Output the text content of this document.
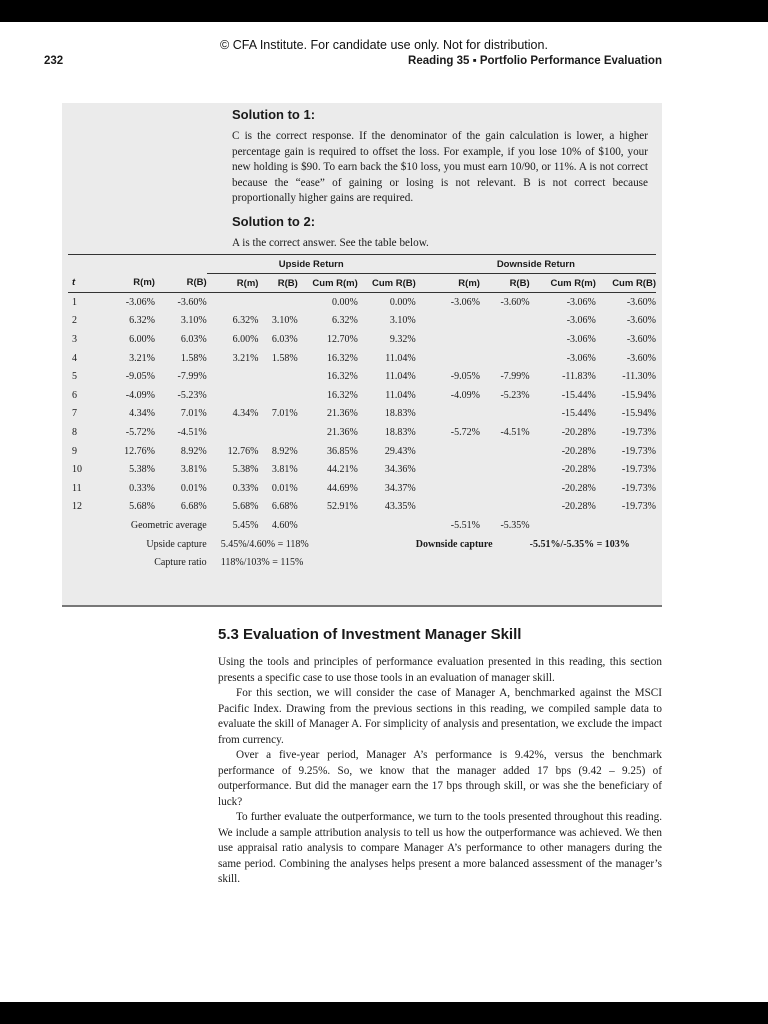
© CFA Institute. For candidate use only. Not for distribution.
232	Reading 35 ▪ Portfolio Performance Evaluation

Solution to 1:

C is the correct response. If the denominator of the gain calculation is lower, a higher percentage gain is required to offset the loss. For example, if you lose 10% of $100, your new holding is $90. To earn back the $10 loss, you must earn 10/90, or 11%. A is not correct because the “ease” of gaining or losing is not relevant. B is not correct because proportionally higher gains are required.

Solution to 2:

A is the correct answer. See the table below.

			Upside Return				Downside Return			
t	R(m)	R(B)	R(m)	R(B)	Cum R(m)	Cum R(B)	R(m)	R(B)	Cum R(m)	Cum R(B)
1	-3.06%	-3.60%			0.00%	0.00%	-3.06%	-3.60%	-3.06%	-3.60%
2	6.32%	3.10%	6.32%	3.10%	6.32%	3.10%			-3.06%	-3.60%
3	6.00%	6.03%	6.00%	6.03%	12.70%	9.32%			-3.06%	-3.60%
4	3.21%	1.58%	3.21%	1.58%	16.32%	11.04%			-3.06%	-3.60%
5	-9.05%	-7.99%			16.32%	11.04%	-9.05%	-7.99%	-11.83%	-11.30%
6	-4.09%	-5.23%			16.32%	11.04%	-4.09%	-5.23%	-15.44%	-15.94%
7	4.34%	7.01%	4.34%	7.01%	21.36%	18.83%			-15.44%	-15.94%
8	-5.72%	-4.51%			21.36%	18.83%	-5.72%	-4.51%	-20.28%	-19.73%
9	12.76%	8.92%	12.76%	8.92%	36.85%	29.43%			-20.28%	-19.73%
10	5.38%	3.81%	5.38%	3.81%	44.21%	34.36%			-20.28%	-19.73%
11	0.33%	0.01%	0.33%	0.01%	44.69%	34.37%			-20.28%	-19.73%
12	5.68%	6.68%	5.68%	6.68%	52.91%	43.35%			-20.28%	-19.73%
Geometric average			5.45%	4.60%			-5.51%	-5.35%		
Upside capture			5.45%/4.60% = 118%				Downside capture		-5.51%/-5.35% = 103%	
Capture ratio			118%/103% = 115%							
5.3 Evaluation of Investment Manager Skill

Using the tools and principles of performance evaluation presented in this reading, this section presents a specific case to use those tools in an evaluation of manager skill.

For this section, we will consider the case of Manager A, benchmarked against the MSCI Pacific Index. Drawing from the previous sections in this reading, we compiled sample data to evaluate the skill of Manager A. For simplicity of analysis and presentation, we exclude the impact from currency.

Over a five-year period, Manager A’s performance is 9.42%, versus the benchmark performance of 9.25%. So, we know that the manager added 17 bps (9.42 – 9.25) of outperformance. But did the manager earn the 17 bps through skill, or was she the beneficiary of luck?

To further evaluate the outperformance, we turn to the tools presented throughout this reading. We include a sample attribution analysis to tell us how the outperformance was achieved. We then use appraisal ratio analysis to compare Manager A’s performance to other managers during the same period. Combining the analyses helps present a more balanced assessment of the manager’s skill.
